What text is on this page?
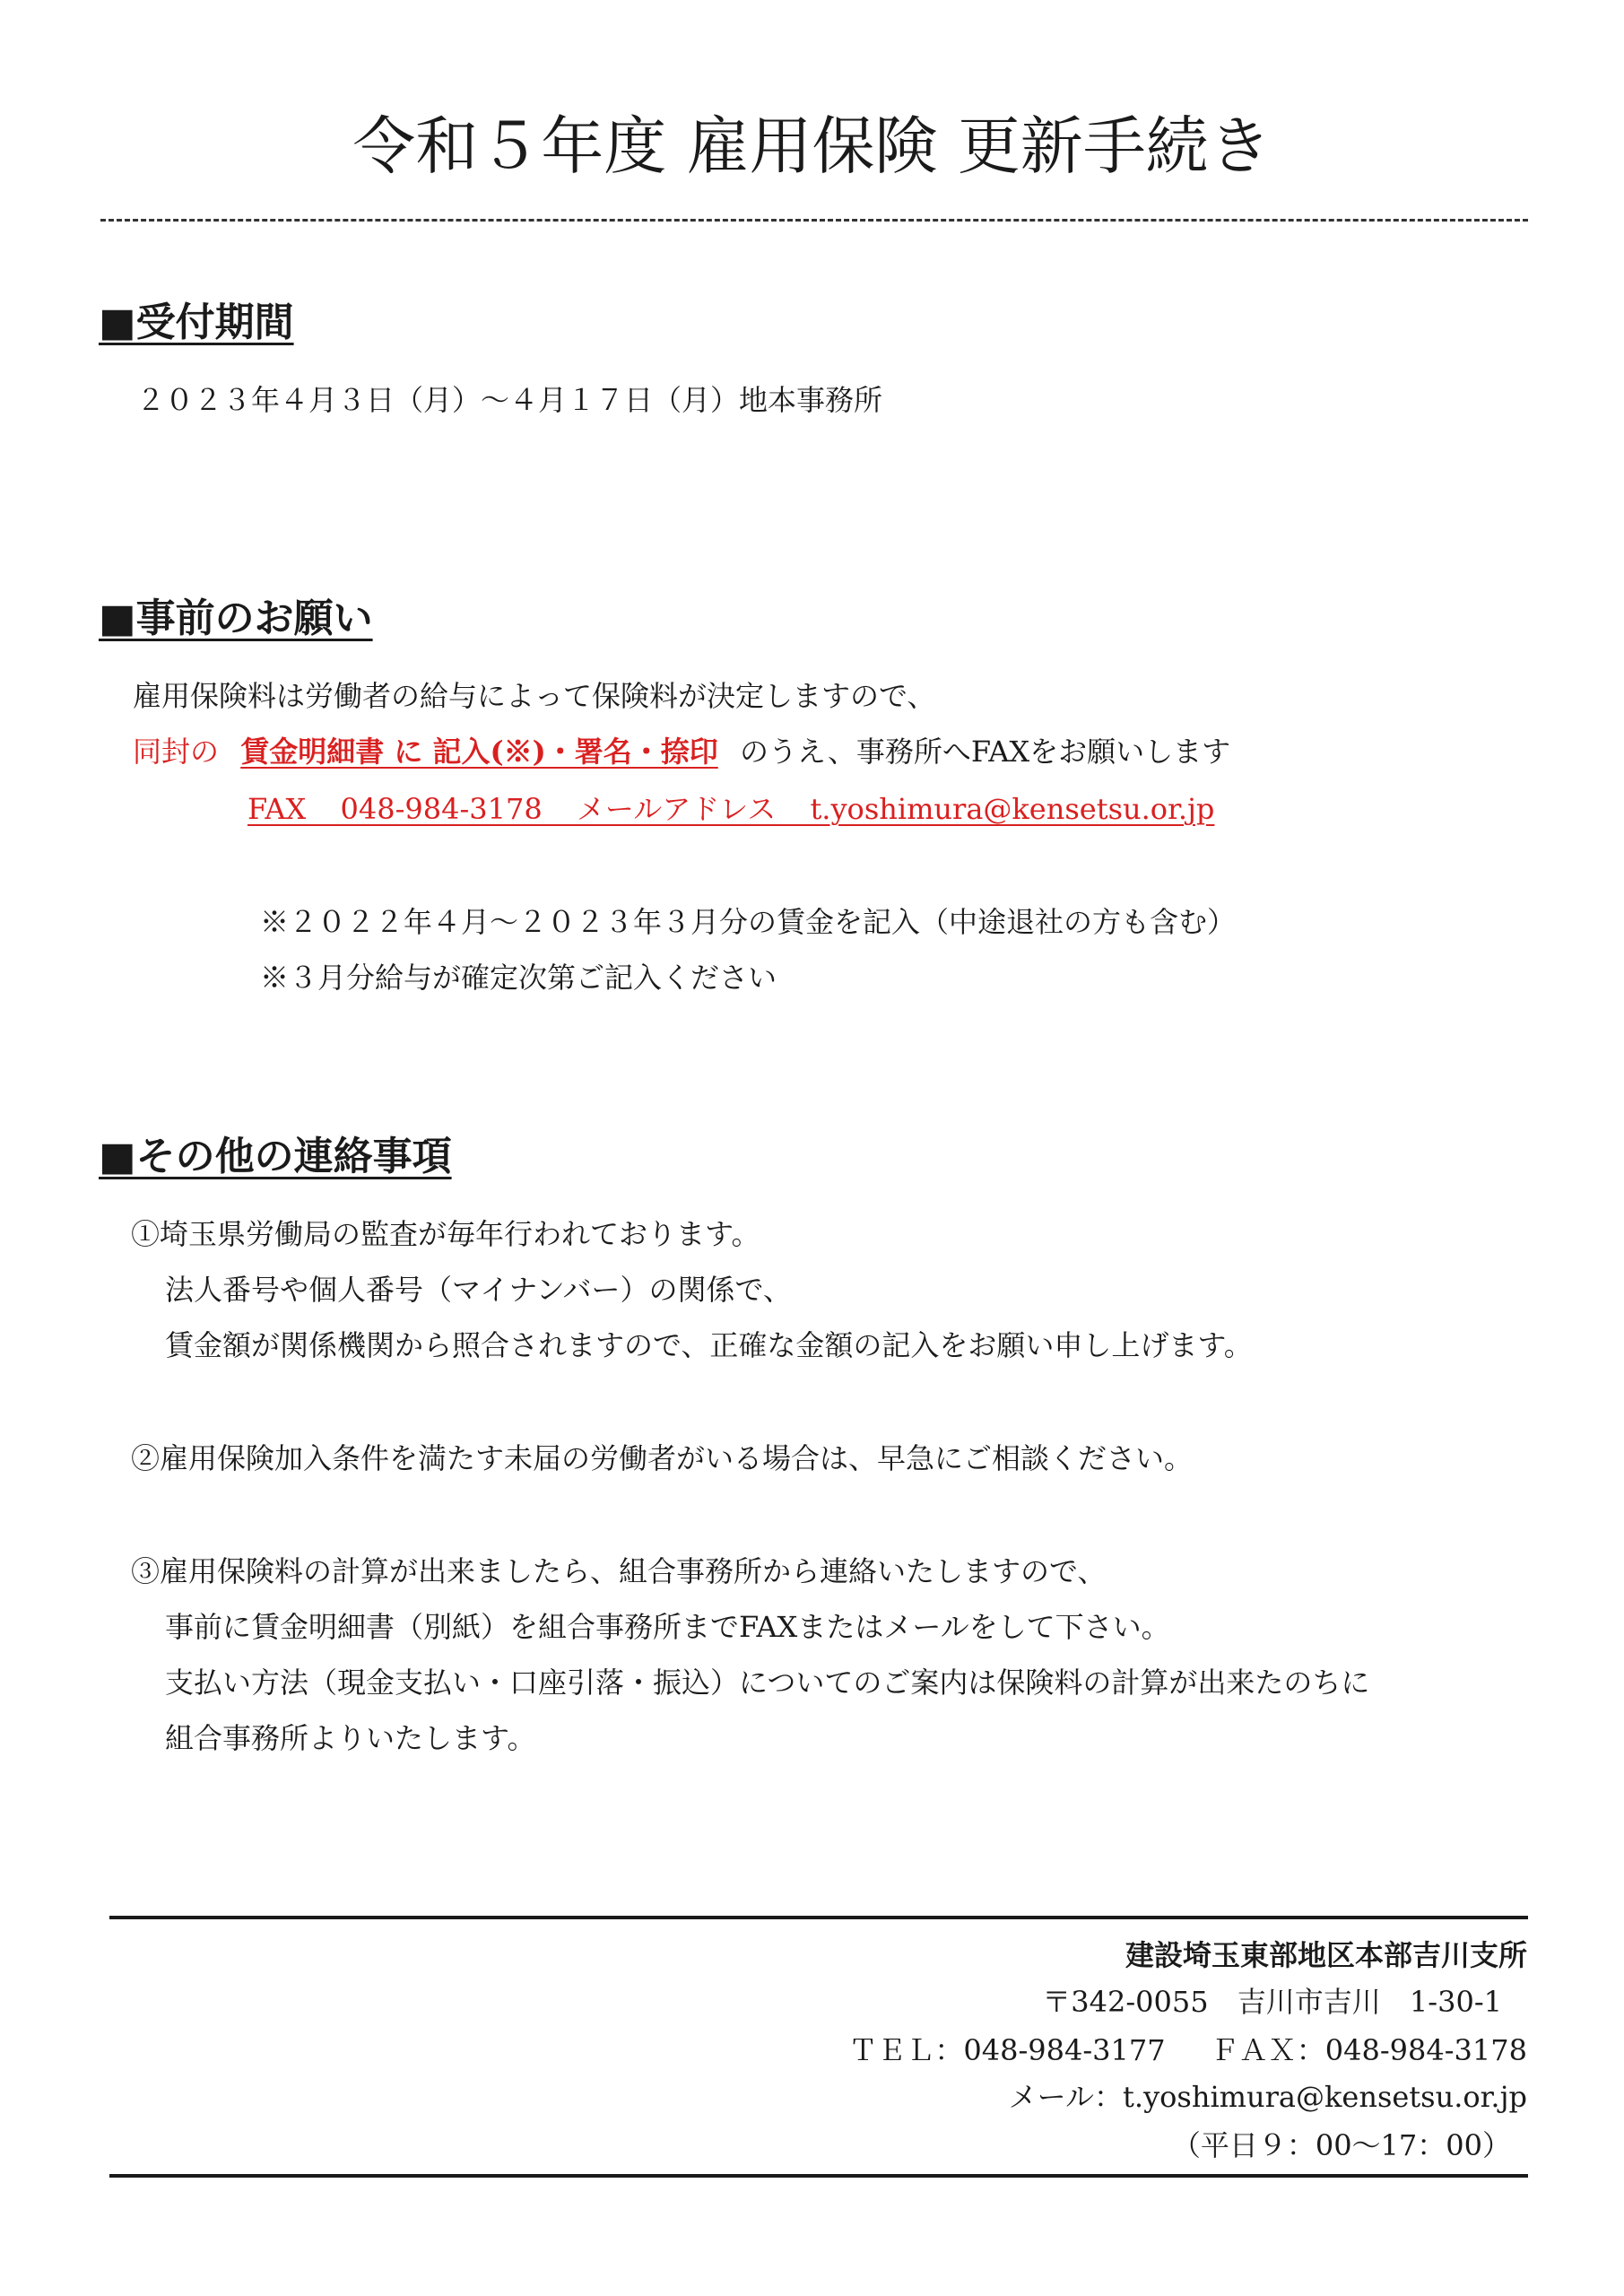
令和５年度 雇用保険 更新手続き
■受付期間
２０２３年４月３日（月）～４月１７日（月）地本事務所
■事前のお願い
雇用保険料は労働者の給与によって保険料が決定しますので、
同封の 賃金明細書 に 記入(※)・署名・捺印 のうえ、事務所へFAXをお願いします
FAX 048-984-3178 メールアドレス t.yoshimura@kensetsu.or.jp
※２０２２年４月～２０２３年３月分の賃金を記入（中途退社の方も含む）
※３月分給与が確定次第ご記入ください
■その他の連絡事項
①埼玉県労働局の監査が毎年行われております。
法人番号や個人番号（マイナンバー）の関係で、
賃金額が関係機関から照合されますので、正確な金額の記入をお願い申し上げます。
②雇用保険加入条件を満たす未届の労働者がいる場合は、早急にご相談ください。
③雇用保険料の計算が出来ましたら、組合事務所から連絡いたしますので、
事前に賃金明細書（別紙）を組合事務所までFAXまたはメールをして下さい。
支払い方法（現金支払い・口座引落・振込）についてのご案内は保険料の計算が出来たのちに
組合事務所よりいたします。
建設埼玉東部地区本部吉川支所
〒342-0055 吉川市吉川 1-30-1
ＴＥＬ：048-984-3177 ＦＡＸ：048-984-3178
メール：t.yoshimura@kensetsu.or.jp
（平日９：00～17：00）
